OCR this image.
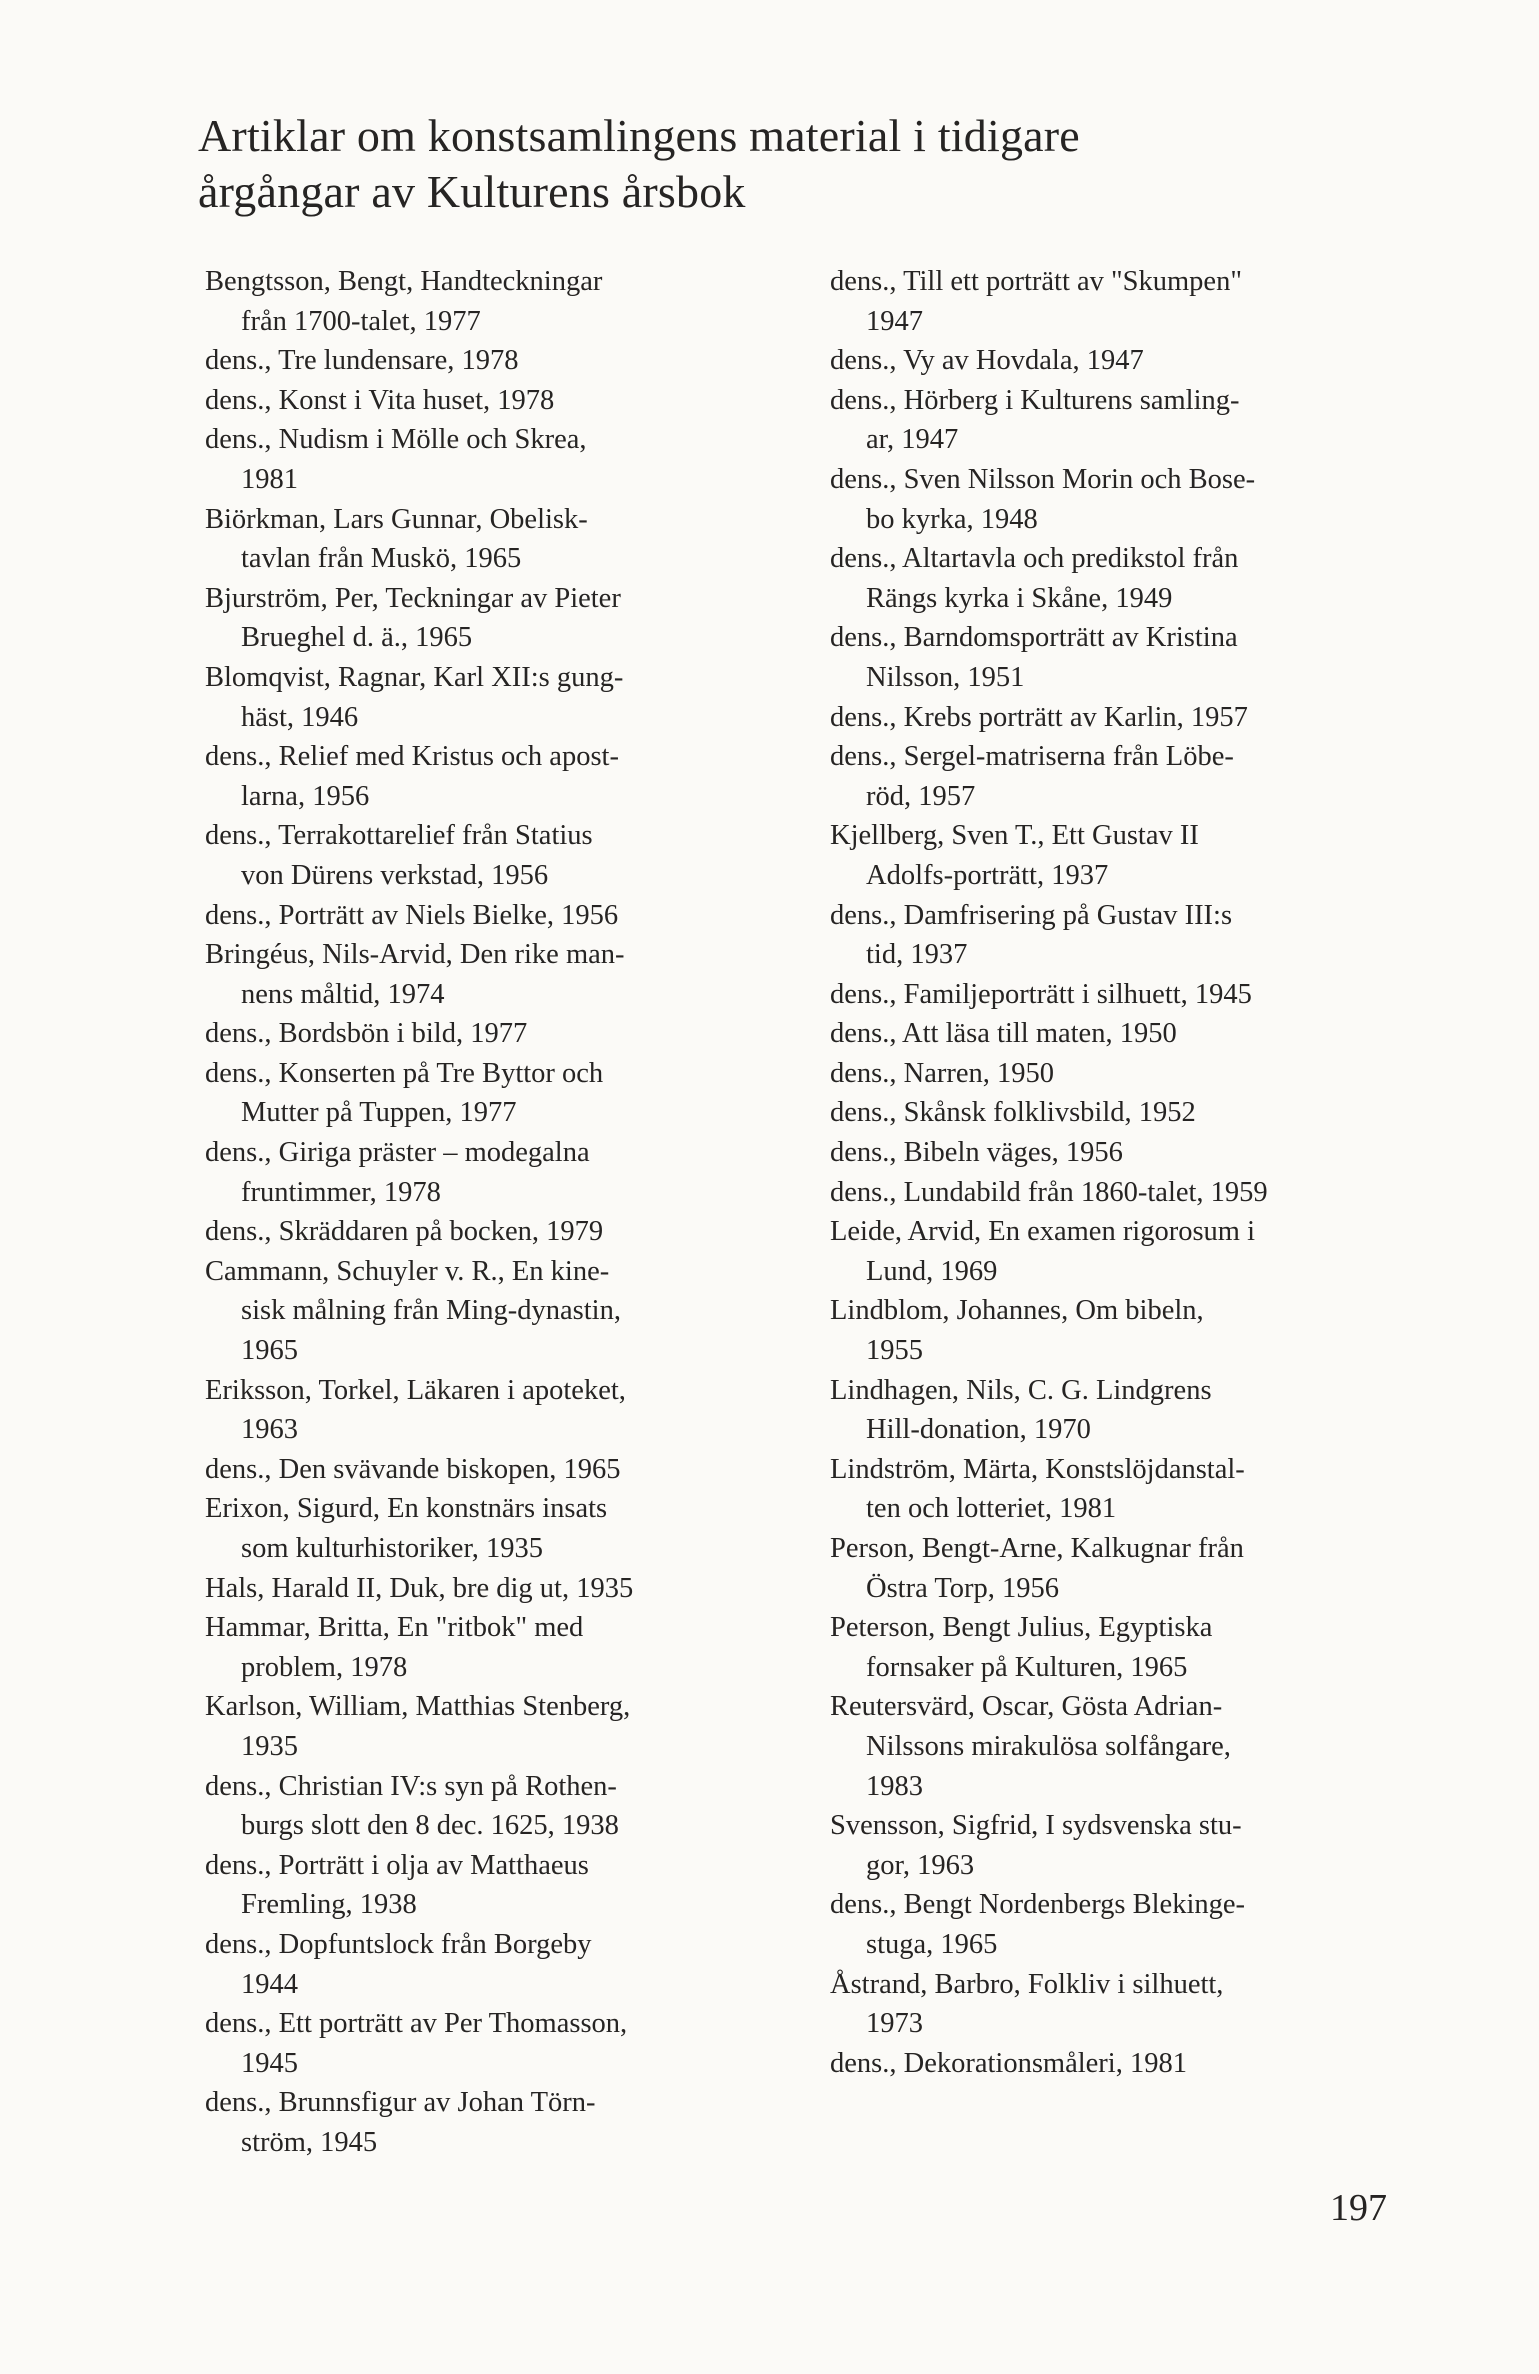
Artiklar om konstsamlingens material i tidigare
årgångar av Kulturens årsbok

Bengtsson, Bengt, Handteckningar
från 1700-talet, 1977

dens., Tre lundensare, 1978

dens., Konst i Vita huset, 1978

dens., Nudism i Mölle och Skrea,
1981

Biörkman, Lars Gunnar, Obelisk-
tavlan från Muskö, 1965

Bjurström, Per, Teckningar av Pieter
Brueghel d. ä., 1965

Blomqvist, Ragnar, Karl XII:s gung-
häst, 1946

dens., Relief med Kristus och apost-
larna, 1956

dens., Terrakottarelief från Statius
von Dürens verkstad, 1956

dens., Porträtt av Niels Bielke, 1956

Bringéus, Nils-Arvid, Den rike man-
nens måltid, 1974

dens., Bordsbön i bild, 1977

dens., Konserten på Tre Byttor och
Mutter på Tuppen, 1977

dens., Giriga präster – modegalna
fruntimmer, 1978

dens., Skräddaren på bocken, 1979

Cammann, Schuyler v. R., En kine-
sisk målning från Ming-dynastin,
1965

Eriksson, Torkel, Läkaren i apoteket,
1963

dens., Den svävande biskopen, 1965

Erixon, Sigurd, En konstnärs insats
som kulturhistoriker, 1935

Hals, Harald II, Duk, bre dig ut, 1935

Hammar, Britta, En "ritbok" med
problem, 1978

Karlson, William, Matthias Stenberg,
1935

dens., Christian IV:s syn på Rothen-
burgs slott den 8 dec. 1625, 1938

dens., Porträtt i olja av Matthaeus
Fremling, 1938

dens., Dopfuntslock från Borgeby
1944

dens., Ett porträtt av Per Thomasson,
1945

dens., Brunnsfigur av Johan Törn-
ström, 1945

dens., Till ett porträtt av "Skumpen"
1947

dens., Vy av Hovdala, 1947

dens., Hörberg i Kulturens samling-
ar, 1947

dens., Sven Nilsson Morin och Bose-
bo kyrka, 1948

dens., Altartavla och predikstol från
Rängs kyrka i Skåne, 1949

dens., Barndomsporträtt av Kristina
Nilsson, 1951

dens., Krebs porträtt av Karlin, 1957

dens., Sergel-matriserna från Löbe-
röd, 1957

Kjellberg, Sven T., Ett Gustav II
Adolfs-porträtt, 1937

dens., Damfrisering på Gustav III:s
tid, 1937

dens., Familjeporträtt i silhuett, 1945

dens., Att läsa till maten, 1950

dens., Narren, 1950

dens., Skånsk folklivsbild, 1952

dens., Bibeln väges, 1956

dens., Lundabild från 1860-talet, 1959

Leide, Arvid, En examen rigorosum i
Lund, 1969

Lindblom, Johannes, Om bibeln,
1955

Lindhagen, Nils, C. G. Lindgrens
Hill-donation, 1970

Lindström, Märta, Konstslöjdanstal-
ten och lotteriet, 1981

Person, Bengt-Arne, Kalkugnar från
Östra Torp, 1956

Peterson, Bengt Julius, Egyptiska
fornsaker på Kulturen, 1965

Reutersvärd, Oscar, Gösta Adrian-
Nilssons mirakulösa solfångare,
1983

Svensson, Sigfrid, I sydsvenska stu-
gor, 1963

dens., Bengt Nordenbergs Blekinge-
stuga, 1965

Åstrand, Barbro, Folkliv i silhuett,
1973

dens., Dekorationsmåleri, 1981

197
